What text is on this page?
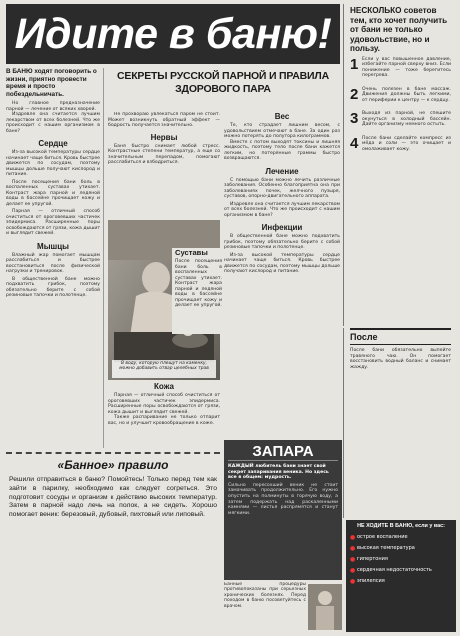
Идите в баню!	НЕСКОЛЬКО советов тем, кто хочет получить от бани не только удовольствие, но и пользу.
1 Если у вас повышенное давление, избегайте парной сверху вниз. Если понижение — тоже берегитесь перегрева.
2 Очень полезен в бане массаж. Движения должны быть легкими, от периферии к центру — к сердцу.
3 Выходя из парной, не спешите окунуться в холодный бассейн. Дайте организму немного остыть.
4 После бани сделайте компресс из мёда и соли — это очищает и омолаживает кожу.
После
После бани обязательно выпейте травяного чаю. Он помогает восстановить водный баланс и снимает жажду.
НЕ ХОДИТЕ В БАНЮ, если у вас:
● острое воспаление
● высокая температура
● гипертония
● сердечная недостаточность
● эпилепсия
В БАНЮ ходят поговорить о жизни, приятно провести время и просто побездельничать.
Но главное предназначение парной — лечение от всяких хворей.
Издревле она считается лучшим лекарством от всех болезней. Что же происходит с нашим организмом в бане?
Сердце
Из-за высокой температуры сердце начинает чаще биться. Кровь быстрее движется по сосудам, поэтому мышцы дольше получают кислород и питание.
После посещения бани боль в воспаленных суставах утихает. Контраст жара парной и ледяной воды в бассейне прочищает кожу и делает ее упругой.
Парная — отличный способ очиститься от ороговевших частичек эпидермиса. Расширенные поры освобождаются от грязи, кожа дышит и выглядит свежей.
Мышцы
Влажный жар помогает мышцам расслабиться и быстрее восстановиться после физической нагрузки и тренировок.
В общественной бане можно подхватить грибок, поэтому обязательно берите с собой резиновые тапочки и полотенце.
СЕКРЕТЫ РУССКОЙ ПАРНОЙ И ПРАВИЛА ЗДОРОВОГО ПАРА
Не прохвораю увлекаться паром не стоит. Может возникнуть обратный эффект — бодрость получается значительно.
Нервы
Баня быстро снимает любой стресс. Контрастные степени температур, а еще со значительным перепадом, помогают расслабиться и взбодриться.
Вес
Те, кто страдает лишним весом, с удовольствием отмечают в бане. За один раз можно потерять до полутора килограммов.
Вместе с потом выходят токсины и лишняя жидкость, поэтому тело после бани кажется легким, но потерянные граммы быстро возвращаются.
Лечение
С помощью бани можно лечить различные заболевания. Особенно благоприятна она при заболеваниях почек, желчного пузыря, суставов, опорно-двигательного аппарата.
Издревле она считается лучшим лекарством от всех болезней. Что же происходит с нашим организмом в бане?
Инфекции
В общественной бане можно подхватить грибок, поэтому обязательно берите с собой резиновые тапочки и полотенце.
Из-за высокой температуры сердце начинает чаще биться. Кровь быстрее движется по сосудам, поэтому мышцы дольше получают кислород и питание.
В воду, которую плещут на каменку, можно добавить отвар целебных трав
Суставы
После посещения бани боль в воспаленных суставах утихает. Контраст жара парной и ледяной воды в бассейне прочищает кожу и делает ее упругой.
Кожа
Парная — отличный способ очиститься от ороговевших частичек эпидермиса. Расширенные поры освобождаются от грязи, кожа дышит и выглядит свежей.
Также распаривание не только отпарит вас, но и улучшит кровообращение в коже.
ЗАПАРА
КАЖДЫЙ любитель бани знает свой секрет запаривания веника. Но здесь все в общем: мудрость.
Сильно пересохший веник не стоит замачивать продолжительно. Его нужно опустить на полминуты в горячую воду, а затем подержать над раскаленными камнями — листья распрямятся и станут мягкими.
«Банное» правило
Решили отправиться в баню? Помойтесь! Только перед тем как зайти в парилку, необходимо как следует согреться. Это подготовит сосуды и организм к действию высоких температур. Затем в парной надо лечь на полок, а не сидеть. Хорошо помогает веник: березовый, дубовый, пихтовый или липовый.
Банные процедуры противопоказаны при серьезных хронических болезнях. Перед походом в баню посоветуйтесь с врачом.
